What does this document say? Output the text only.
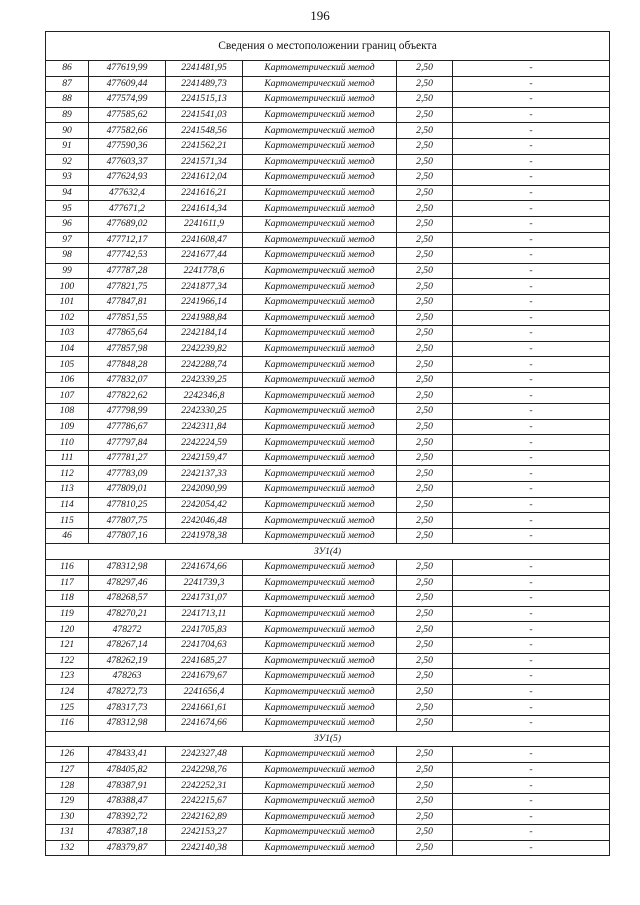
196
Сведения о местоположении границ объекта					
86	477619,99	2241481,95	Картометрический метод	2,50	-
87	477609,44	2241489,73	Картометрический метод	2,50	-
88	477574,99	2241515,13	Картометрический метод	2,50	-
89	477585,62	2241541,03	Картометрический метод	2,50	-
90	477582,66	2241548,56	Картометрический метод	2,50	-
91	477590,36	2241562,21	Картометрический метод	2,50	-
92	477603,37	2241571,34	Картометрический метод	2,50	-
93	477624,93	2241612,04	Картометрический метод	2,50	-
94	477632,4	2241616,21	Картометрический метод	2,50	-
95	477671,2	2241614,34	Картометрический метод	2,50	-
96	477689,02	2241611,9	Картометрический метод	2,50	-
97	477712,17	2241608,47	Картометрический метод	2,50	-
98	477742,53	2241677,44	Картометрический метод	2,50	-
99	477787,28	2241778,6	Картометрический метод	2,50	-
100	477821,75	2241877,34	Картометрический метод	2,50	-
101	477847,81	2241966,14	Картометрический метод	2,50	-
102	477851,55	2241988,84	Картометрический метод	2,50	-
103	477865,64	2242184,14	Картометрический метод	2,50	-
104	477857,98	2242239,82	Картометрический метод	2,50	-
105	477848,28	2242288,74	Картометрический метод	2,50	-
106	477832,07	2242339,25	Картометрический метод	2,50	-
107	477822,62	2242346,8	Картометрический метод	2,50	-
108	477798,99	2242330,25	Картометрический метод	2,50	-
109	477786,67	2242311,84	Картометрический метод	2,50	-
110	477797,84	2242224,59	Картометрический метод	2,50	-
111	477781,27	2242159,47	Картометрический метод	2,50	-
112	477783,09	2242137,33	Картометрический метод	2,50	-
113	477809,01	2242090,99	Картометрический метод	2,50	-
114	477810,25	2242054,42	Картометрический метод	2,50	-
115	477807,75	2242046,48	Картометрический метод	2,50	-
46	477807,16	2241978,38	Картометрический метод	2,50	-
ЗУ1(4)					
116	478312,98	2241674,66	Картометрический метод	2,50	-
117	478297,46	2241739,3	Картометрический метод	2,50	-
118	478268,57	2241731,07	Картометрический метод	2,50	-
119	478270,21	2241713,11	Картометрический метод	2,50	-
120	478272	2241705,83	Картометрический метод	2,50	-
121	478267,14	2241704,63	Картометрический метод	2,50	-
122	478262,19	2241685,27	Картометрический метод	2,50	-
123	478263	2241679,67	Картометрический метод	2,50	-
124	478272,73	2241656,4	Картометрический метод	2,50	-
125	478317,73	2241661,61	Картометрический метод	2,50	-
116	478312,98	2241674,66	Картометрический метод	2,50	-
ЗУ1(5)					
126	478433,41	2242327,48	Картометрический метод	2,50	-
127	478405,82	2242298,76	Картометрический метод	2,50	-
128	478387,91	2242252,31	Картометрический метод	2,50	-
129	478388,47	2242215,67	Картометрический метод	2,50	-
130	478392,72	2242162,89	Картометрический метод	2,50	-
131	478387,18	2242153,27	Картометрический метод	2,50	-
132	478379,87	2242140,38	Картометрический метод	2,50	-
